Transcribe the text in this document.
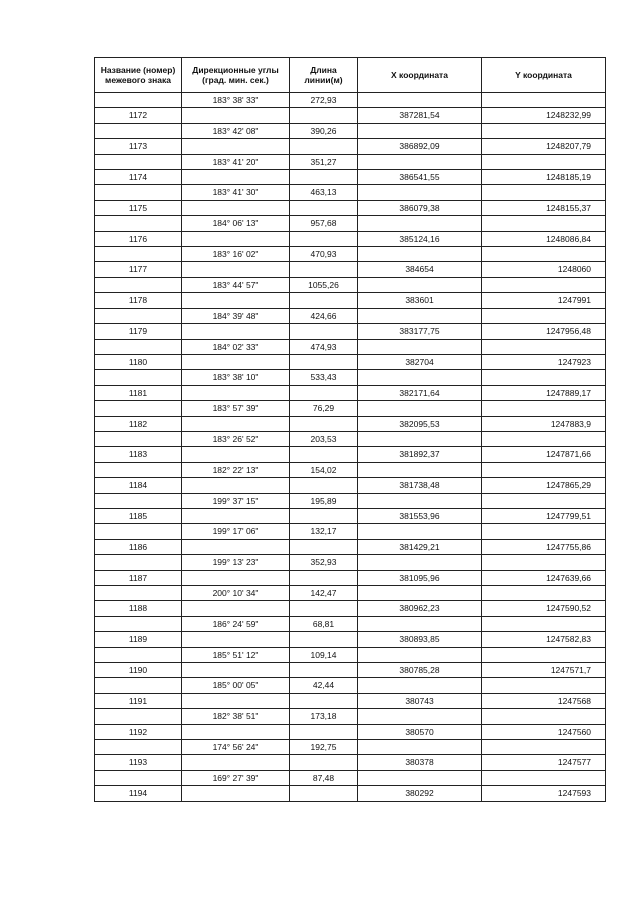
Название (номер) межевого знака	Дирекционные углы (град. мин. сек.)	Длина линии(м)	X координата	Y координата
	183° 38' 33"	272,93		
1172			387281,54	1248232,99
	183° 42' 08"	390,26		
1173			386892,09	1248207,79
	183° 41' 20"	351,27		
1174			386541,55	1248185,19
	183° 41' 30"	463,13		
1175			386079,38	1248155,37
	184° 06' 13"	957,68		
1176			385124,16	1248086,84
	183° 16' 02"	470,93		
1177			384654	1248060
	183° 44' 57"	1055,26		
1178			383601	1247991
	184° 39' 48"	424,66		
1179			383177,75	1247956,48
	184° 02' 33"	474,93		
1180			382704	1247923
	183° 38' 10"	533,43		
1181			382171,64	1247889,17
	183° 57' 39"	76,29		
1182			382095,53	1247883,9
	183° 26' 52"	203,53		
1183			381892,37	1247871,66
	182° 22' 13"	154,02		
1184			381738,48	1247865,29
	199° 37' 15"	195,89		
1185			381553,96	1247799,51
	199° 17' 06"	132,17		
1186			381429,21	1247755,86
	199° 13' 23"	352,93		
1187			381095,96	1247639,66
	200° 10' 34"	142,47		
1188			380962,23	1247590,52
	186° 24' 59"	68,81		
1189			380893,85	1247582,83
	185° 51' 12"	109,14		
1190			380785,28	1247571,7
	185° 00' 05"	42,44		
1191			380743	1247568
	182° 38' 51"	173,18		
1192			380570	1247560
	174° 56' 24"	192,75		
1193			380378	1247577
	169° 27' 39"	87,48		
1194			380292	1247593
